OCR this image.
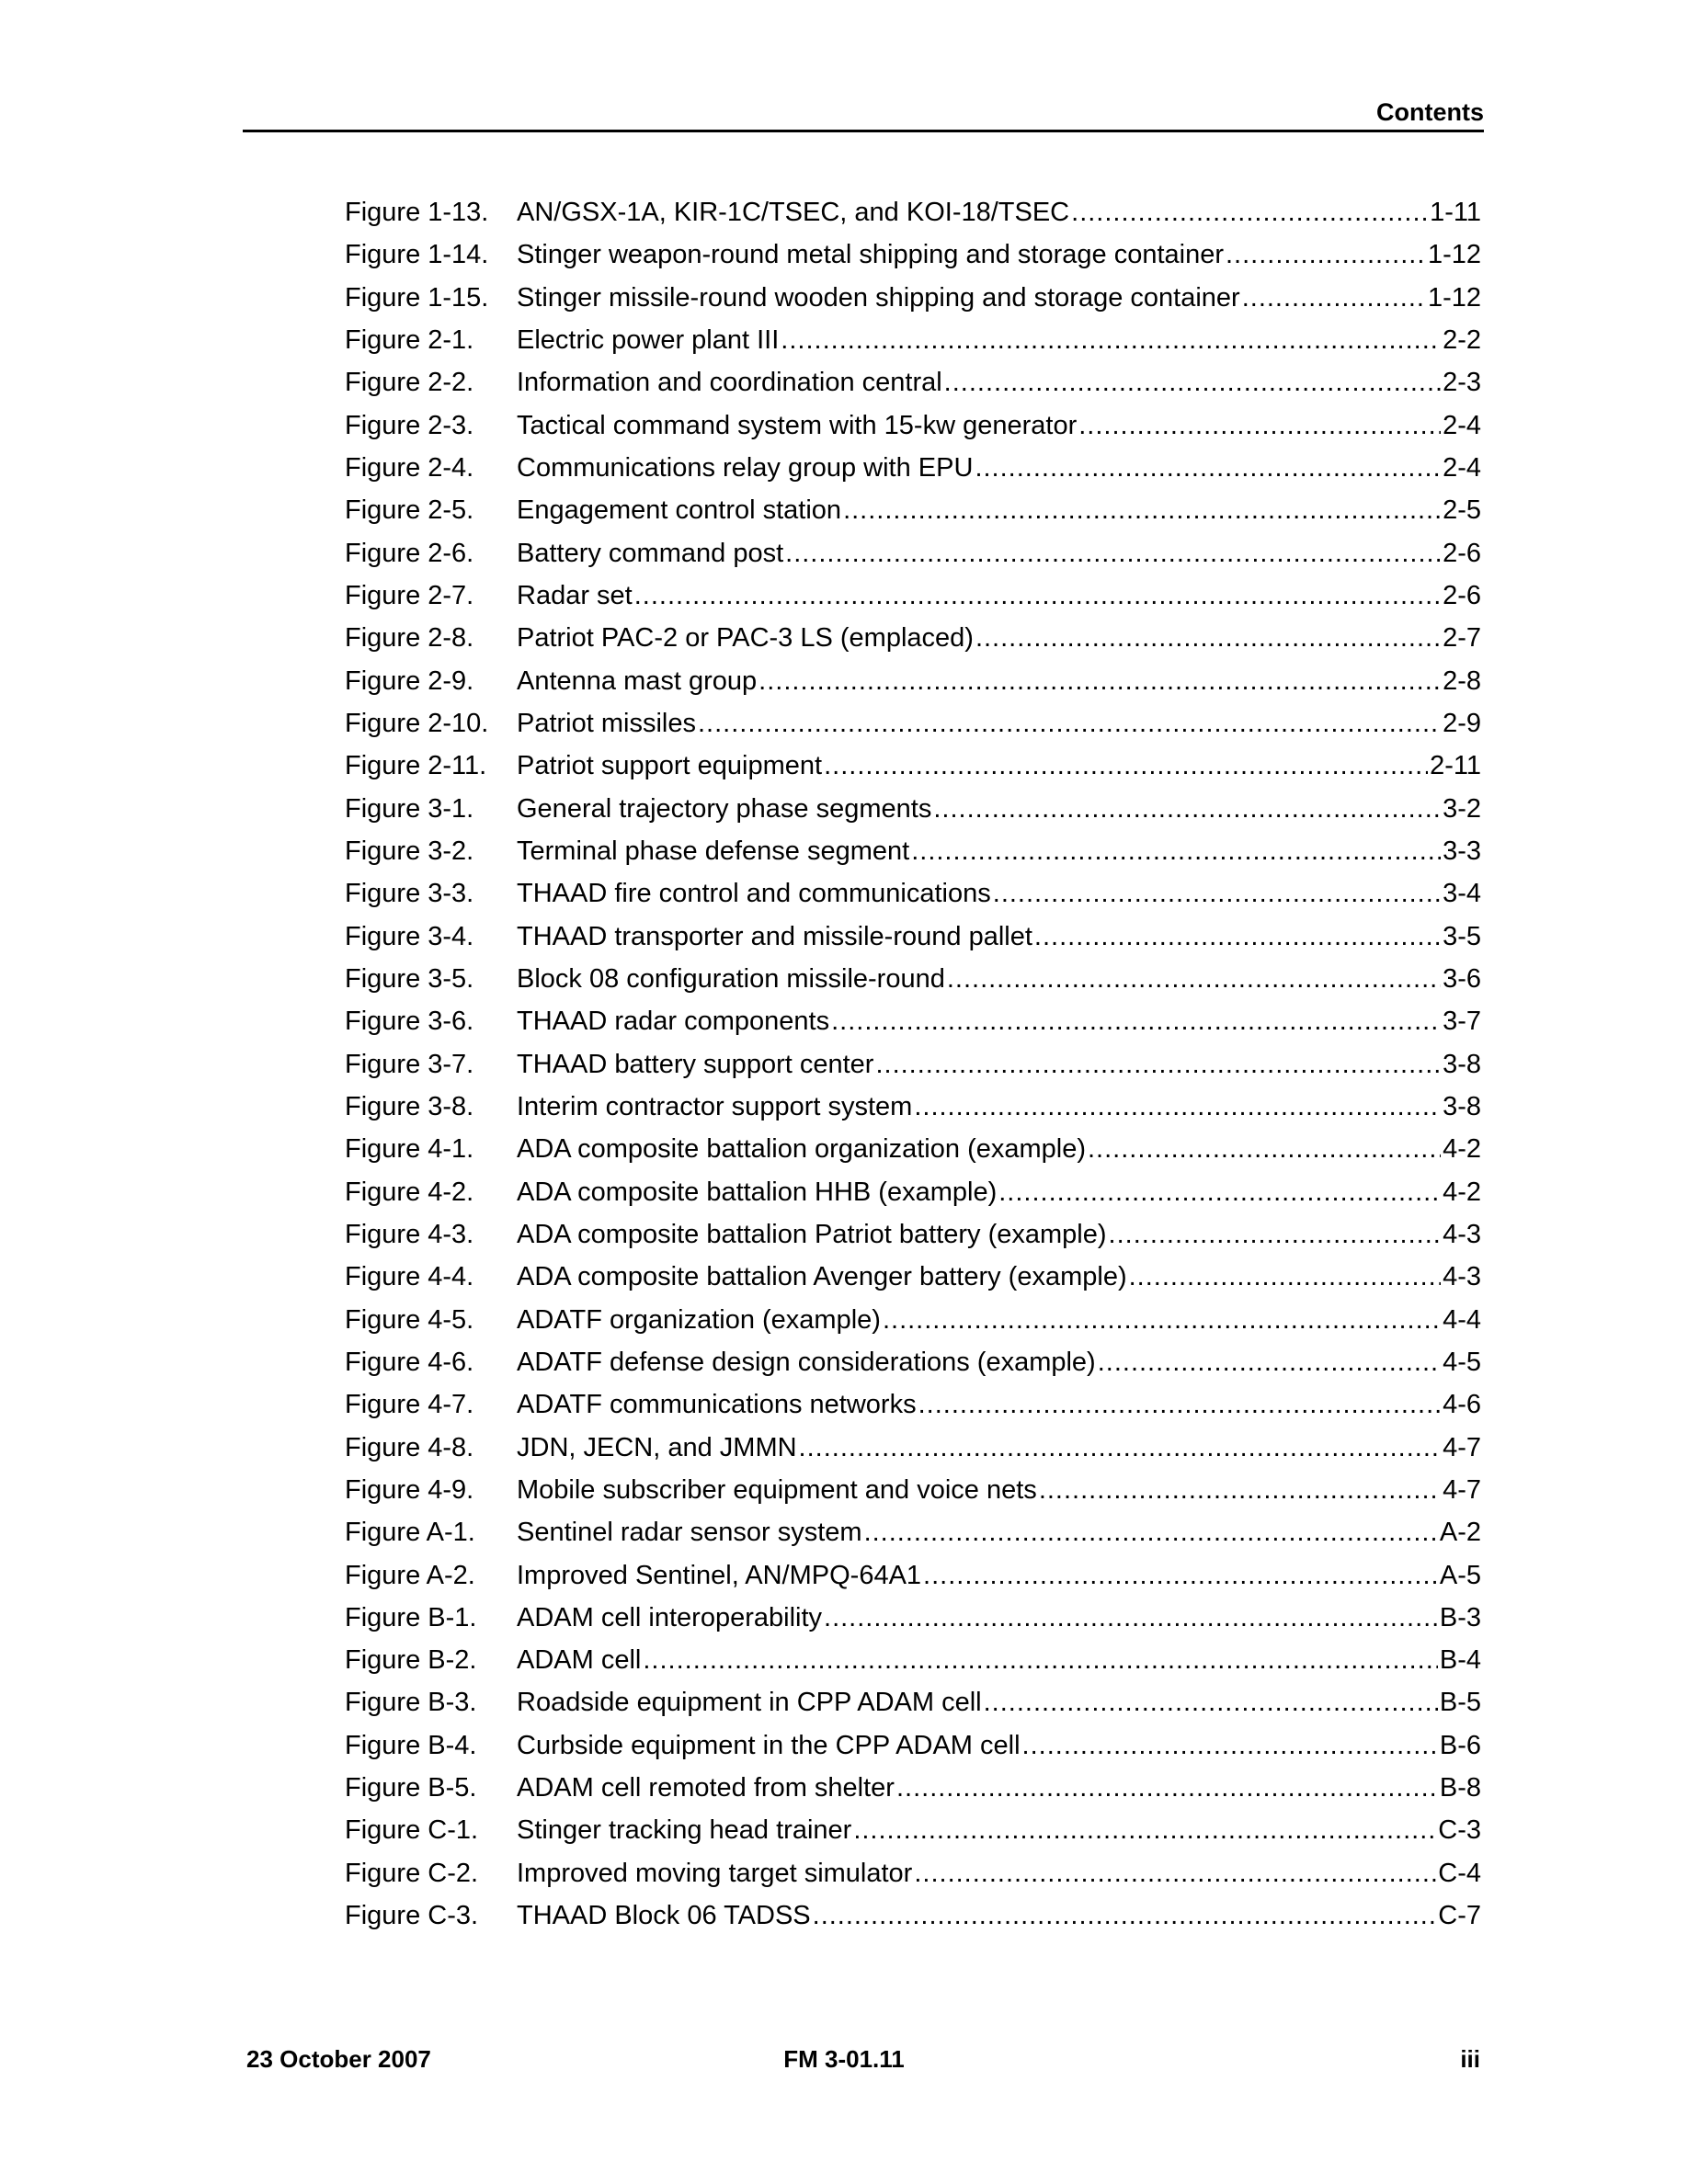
Contents
Figure 1-13.	AN/GSX-1A, KIR-1C/TSEC, and KOI-18/TSEC .....	1-11
Figure 1-14.	Stinger weapon-round metal shipping and storage container .....	1-12
Figure 1-15.	Stinger missile-round wooden shipping and storage container .....	1-12
Figure 2-1.	Electric power plant III .....	2-2
Figure 2-2.	Information and coordination central .....	2-3
Figure 2-3.	Tactical command system with 15-kw generator .....	2-4
Figure 2-4.	Communications relay group with EPU .....	2-4
Figure 2-5.	Engagement control station .....	2-5
Figure 2-6.	Battery command post .....	2-6
Figure 2-7.	Radar set .....	2-6
Figure 2-8.	Patriot PAC-2 or PAC-3 LS (emplaced) .....	2-7
Figure 2-9.	Antenna mast group .....	2-8
Figure 2-10.	Patriot missiles .....	2-9
Figure 2-11.	Patriot support equipment .....	2-11
Figure 3-1.	General trajectory phase segments .....	3-2
Figure 3-2.	Terminal phase defense segment .....	3-3
Figure 3-3.	THAAD fire control and communications .....	3-4
Figure 3-4.	THAAD transporter and missile-round pallet .....	3-5
Figure 3-5.	Block 08 configuration missile-round .....	3-6
Figure 3-6.	THAAD radar components .....	3-7
Figure 3-7.	THAAD battery support center .....	3-8
Figure 3-8.	Interim contractor support system .....	3-8
Figure 4-1.	ADA composite battalion organization (example) .....	4-2
Figure 4-2.	ADA composite battalion HHB (example) .....	4-2
Figure 4-3.	ADA composite battalion Patriot battery (example) .....	4-3
Figure 4-4.	ADA composite battalion Avenger battery (example) .....	4-3
Figure 4-5.	ADATF organization (example) .....	4-4
Figure 4-6.	ADATF defense design considerations (example) .....	4-5
Figure 4-7.	ADATF communications networks .....	4-6
Figure 4-8.	JDN, JECN, and JMMN .....	4-7
Figure 4-9.	Mobile subscriber equipment and voice nets .....	4-7
Figure A-1.	Sentinel radar sensor system .....	A-2
Figure A-2.	Improved Sentinel, AN/MPQ-64A1 .....	A-5
Figure B-1.	ADAM cell interoperability .....	B-3
Figure B-2.	ADAM cell .....	B-4
Figure B-3.	Roadside equipment in CPP ADAM cell .....	B-5
Figure B-4.	Curbside equipment in the CPP ADAM cell .....	B-6
Figure B-5.	ADAM cell remoted from shelter .....	B-8
Figure C-1.	Stinger tracking head trainer .....	C-3
Figure C-2.	Improved moving target simulator .....	C-4
Figure C-3.	THAAD Block 06 TADSS .....	C-7
23 October 2007	FM 3-01.11	iii
